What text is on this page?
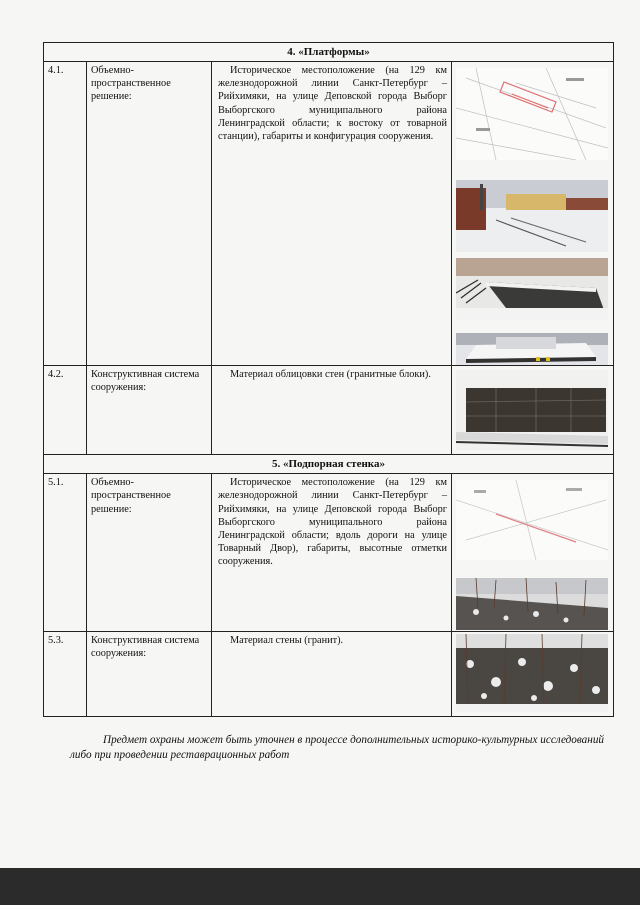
4. «Платформы»			
4.1.	Объемно-пространственное решение:	Историческое местоположение (на 129 км железнодорожной линии Санкт-Петербург – Рийхимяки, на улице Деповской города Выборг Выборгского муниципального района Ленинградской области; к востоку от товарной станции), габариты и конфигурация сооружения.	

4.2.	Конструктивная система сооружения:	Материал облицовки стен (гранитные блоки).	

5. «Подпорная стенка»			
5.1.	Объемно-пространственное решение:	Историческое местоположение (на 129 км железнодорожной линии Санкт-Петербург – Рийхимяки, на улице Деповской города Выборг Выборгского муниципального района Ленинградской области; вдоль дороги на улице Товарный Двор), габариты, высотные отметки сооружения.	

5.3.	Конструктивная система сооружения:	Материал стены (гранит).	

Предмет охраны может быть уточнен в процессе дополнительных историко-культурных исследований либо при проведении реставрационных работ
